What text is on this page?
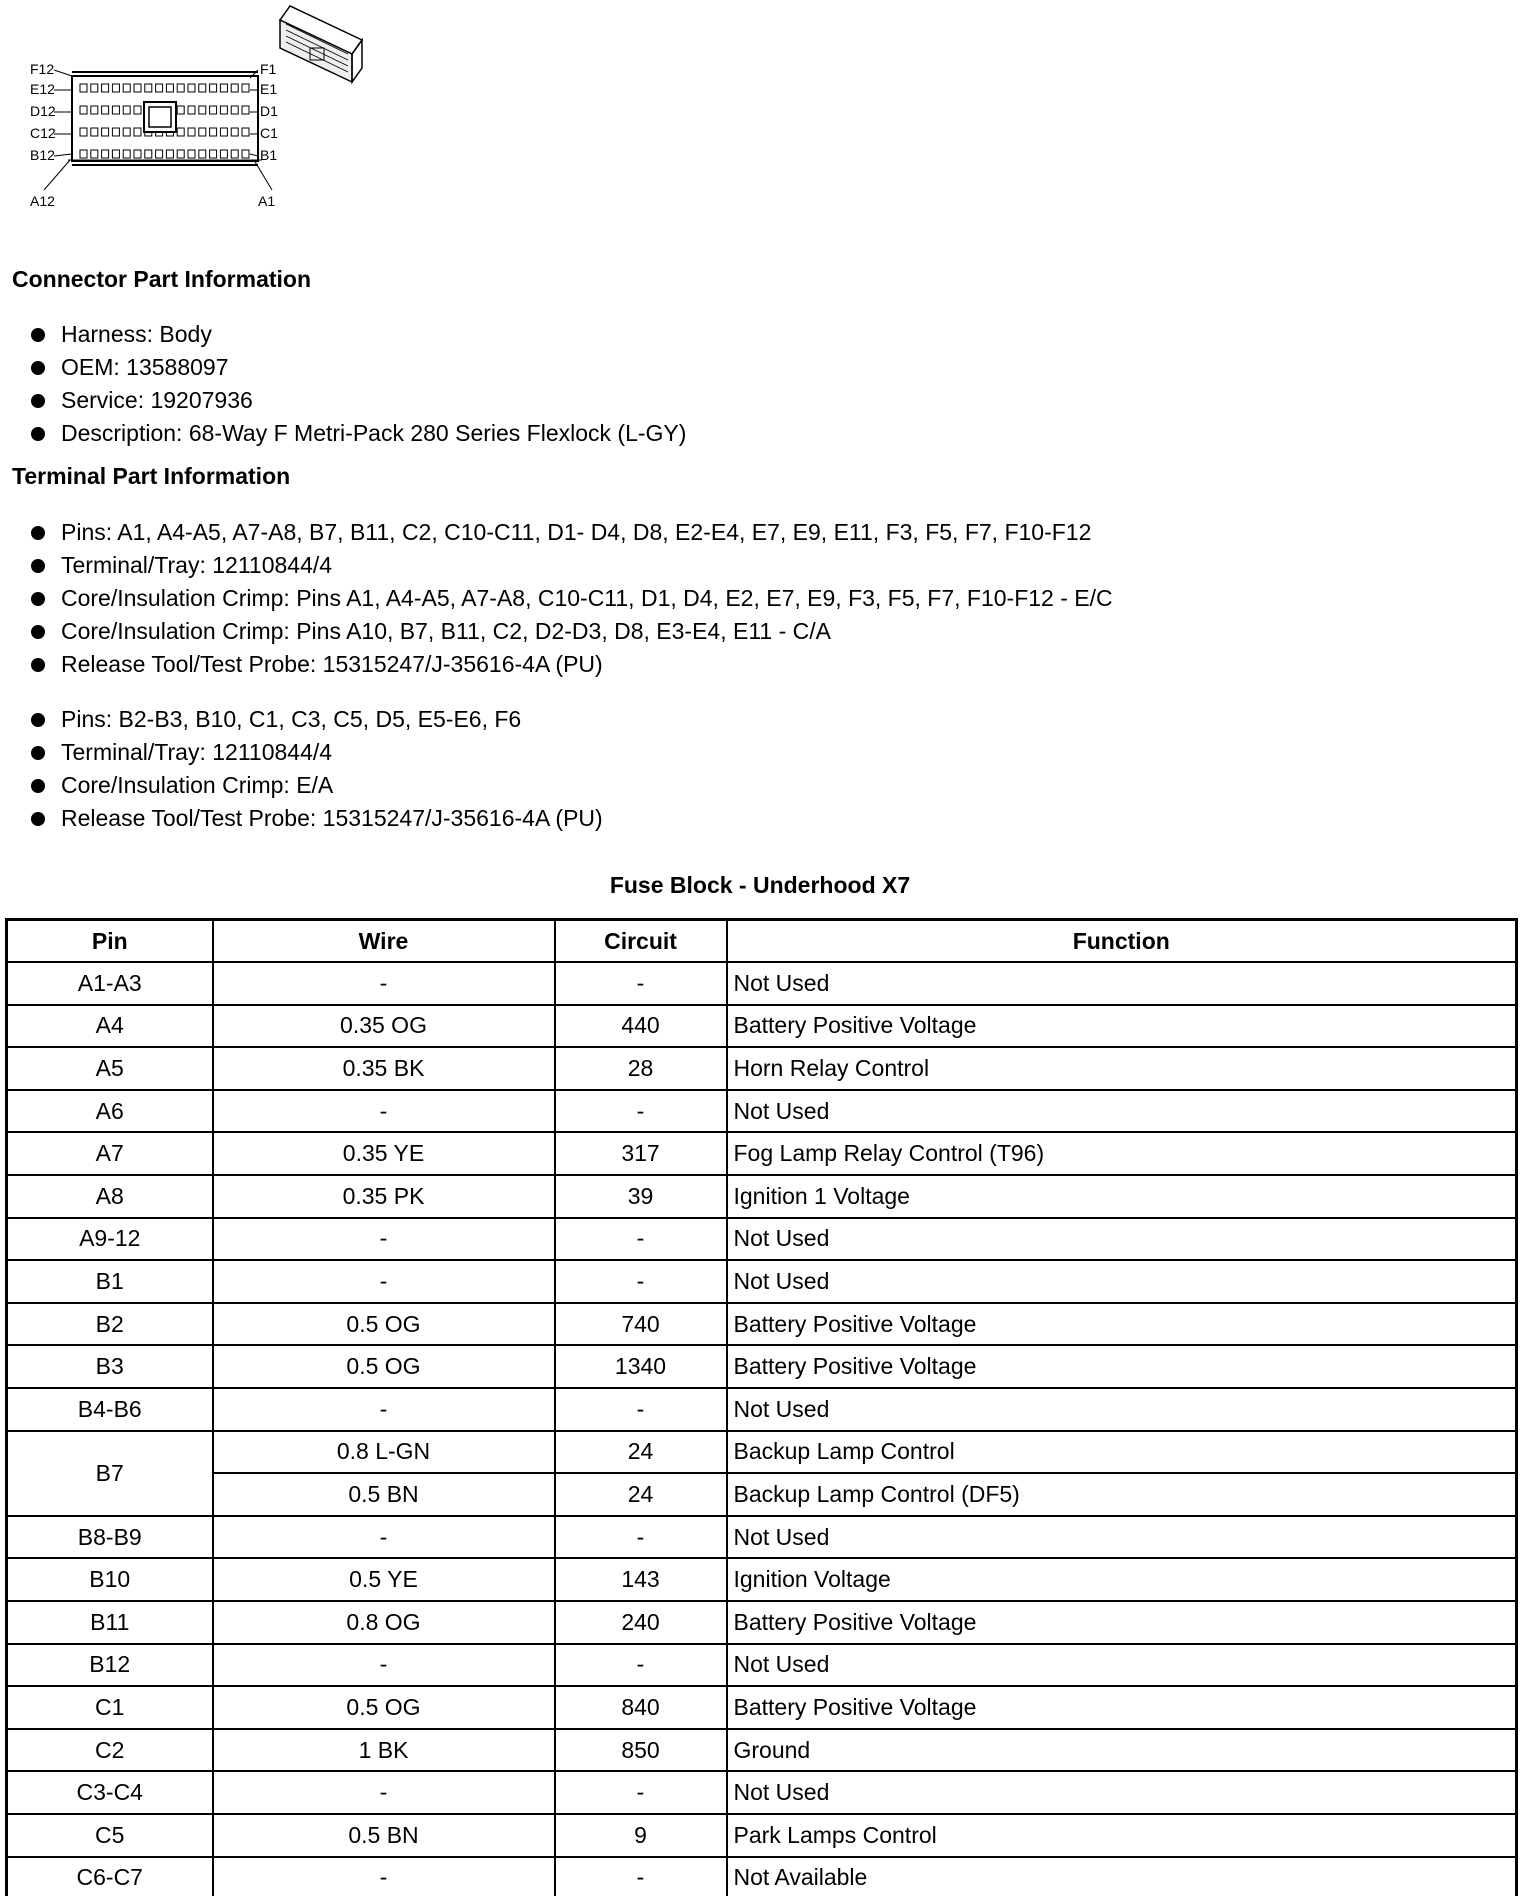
F12
E12
D12
C12
B12
A12
F1
E1
D1
C1
B1
A1
Connector Part Information
Harness: Body
OEM: 13588097
Service: 19207936
Description: 68-Way F Metri-Pack 280 Series Flexlock (L-GY)
Terminal Part Information
Pins: A1, A4-A5, A7-A8, B7, B11, C2, C10-C11, D1- D4, D8, E2-E4, E7, E9, E11, F3, F5, F7, F10-F12
Terminal/Tray: 12110844/4
Core/Insulation Crimp: Pins A1, A4-A5, A7-A8, C10-C11, D1, D4, E2, E7, E9, F3, F5, F7, F10-F12 - E/C
Core/Insulation Crimp: Pins A10, B7, B11, C2, D2-D3, D8, E3-E4, E11 - C/A
Release Tool/Test Probe: 15315247/J-35616-4A (PU)
Pins: B2-B3, B10, C1, C3, C5, D5, E5-E6, F6
Terminal/Tray: 12110844/4
Core/Insulation Crimp: E/A
Release Tool/Test Probe: 15315247/J-35616-4A (PU)
Fuse Block - Underhood X7
Pin	Wire	Circuit	Function
A1-A3	-	-	Not Used
A4	0.35 OG	440	Battery Positive Voltage
A5	0.35 BK	28	Horn Relay Control
A6	-	-	Not Used
A7	0.35 YE	317	Fog Lamp Relay Control (T96)
A8	0.35 PK	39	Ignition 1 Voltage
A9-12	-	-	Not Used
B1	-	-	Not Used
B2	0.5 OG	740	Battery Positive Voltage
B3	0.5 OG	1340	Battery Positive Voltage
B4-B6	-	-	Not Used
B7	0.8 L-GN	24	Backup Lamp Control
	0.5 BN	24	Backup Lamp Control (DF5)
B8-B9	-	-	Not Used
B10	0.5 YE	143	Ignition Voltage
B11	0.8 OG	240	Battery Positive Voltage
B12	-	-	Not Used
C1	0.5 OG	840	Battery Positive Voltage
C2	1 BK	850	Ground
C3-C4	-	-	Not Used
C5	0.5 BN	9	Park Lamps Control
C6-C7	-	-	Not Available
